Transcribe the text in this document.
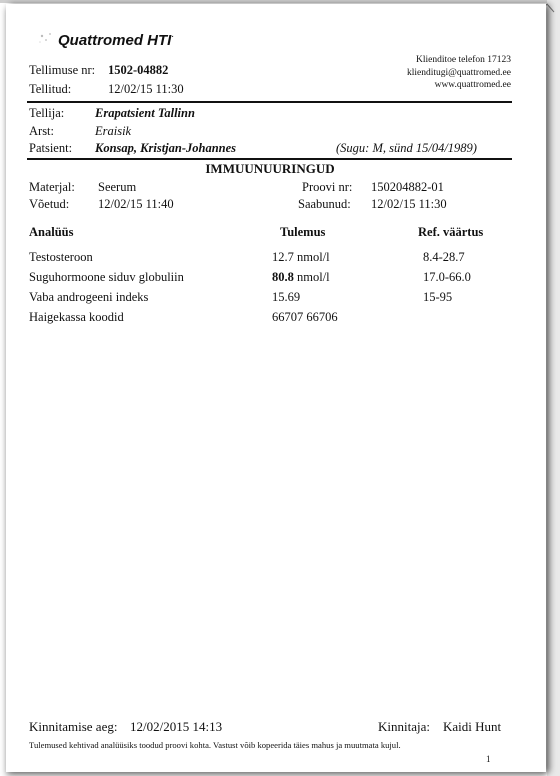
Quattromed HTI·
Tellimuse nr: 1502-04882
Tellitud:	12/02/15 11:30
Klienditoe telefon 17123
klienditugi@quattromed.ee
www.quattromed.ee
Tellija: Erapatsient Tallinn
Arst:	Eraisik
Patsient: Konsap, Kristjan-Johannes	(Sugu: M, sünd 15/04/1989)
IMMUUNUURINGUD
Materjal: Seerum
Võetud: 12/02/15 11:40
Proovi nr: 150204882-01
Saabunud: 12/02/15 11:30
Analüüs	Tulemus	Ref. väärtus
Testosteroon	12.7 nmol/l	8.4-28.7
Suguhormoone siduv globuliin	80.8 nmol/l	17.0-66.0
Vaba androgeeni indeks	15.69	15-95
Haigekassa koodid	66707 66706
Kinnitamise aeg: 12/02/2015 14:13	Kinnitaja: Kaidi Hunt
Tulemused kehtivad analüüsiks toodud proovi kohta. Vastust võib kopeerida täies mahus ja muutmata kujul.
1
